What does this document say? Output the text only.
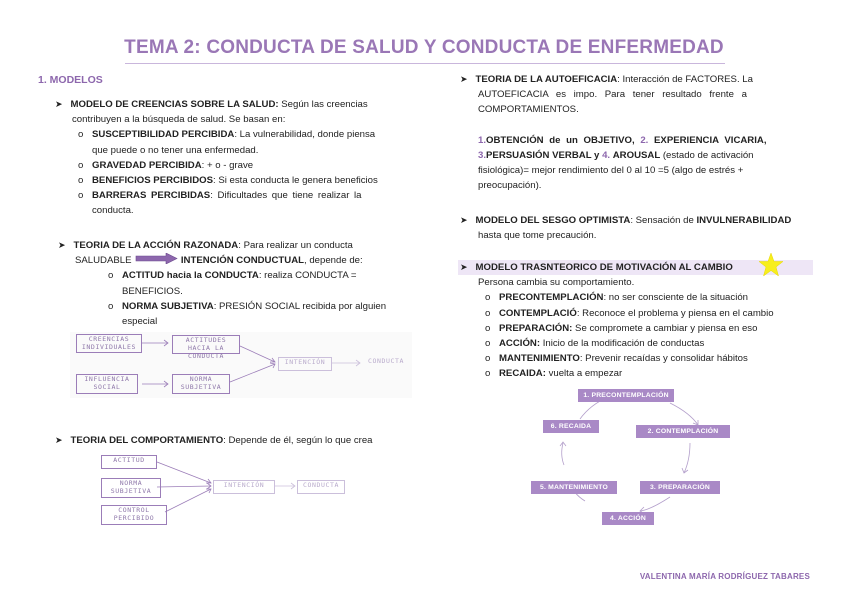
TEMA 2: CONDUCTA DE SALUD Y CONDUCTA DE ENFERMEDAD
1. MODELOS
➤ MODELO DE CREENCIAS SOBRE LA SALUD: Según las creencias
contribuyen a la búsqueda de salud. Se basan en:
o SUSCEPTIBILIDAD PERCIBIDA: La vulnerabilidad, donde piensa
que puede o no tener una enfermedad.
o GRAVEDAD PERCIBIDA: + o - grave
o BENEFICIOS PERCIBIDOS: Si esta conducta le genera beneficios
o BARRERAS PERCIBIDAS: Dificultades que tiene realizar la
conducta.
➤ TEORIA DE LA ACCIÓN RAZONADA: Para realizar un conducta
SALUDABLE	INTENCIÓN CONDUCTUAL, depende de:
o ACTITUD hacia la CONDUCTA: realiza CONDUCTA =
BENEFICIOS.
o NORMA SUBJETIVA: PRESIÓN SOCIAL recibida por alguien
especial
CREENCIAS INDIVIDUALES
ACTITUDES HACIA LA CONDUCTA
INFLUENCIA SOCIAL
NORMA SUBJETIVA
INTENCIÓN	CONDUCTA
➤ TEORIA DEL COMPORTAMIENTO: Depende de él, según lo que crea
ACTITUD
NORMA SUBJETIVA
CONTROL PERCIBIDO
INTENCIÓN	CONDUCTA
➤ TEORIA DE LA AUTOEFICACIA: Interacción de FACTORES. La
AUTOEFICACIA es impo. Para tener resultado frente a
COMPORTAMIENTOS.
1.OBTENCIÓN de un OBJETIVO, 2. EXPERIENCIA VICARIA,
3.PERSUASIÓN VERBAL y 4. AROUSAL (estado de activación
fisiológica)= mejor rendimiento del 0 al 10 =5 (algo de estrés +
preocupación).
➤ MODELO DEL SESGO OPTIMISTA: Sensación de INVULNERABILIDAD
hasta que tome precaución.
➤ MODELO TRASNTEORICO DE MOTIVACIÓN AL CAMBIO
Persona cambia su comportamiento.
o PRECONTEMPLACIÓN: no ser consciente de la situación
o CONTEMPLACIÓ: Reconoce el problema y piensa en el cambio
o PREPARACIÓN: Se compromete a cambiar y piensa en eso
o ACCIÓN: Inicio de la modificación de conductas
o MANTENIMIENTO: Prevenir recaídas y consolidar hábitos
o RECAIDA: vuelta a empezar
1. PRECONTEMPLACIÓN
2. CONTEMPLACIÓN
3. PREPARACIÓN
4. ACCIÓN
5. MANTENIMIENTO
6. RECAIDA
VALENTINA MARÍA RODRÍGUEZ TABARES
